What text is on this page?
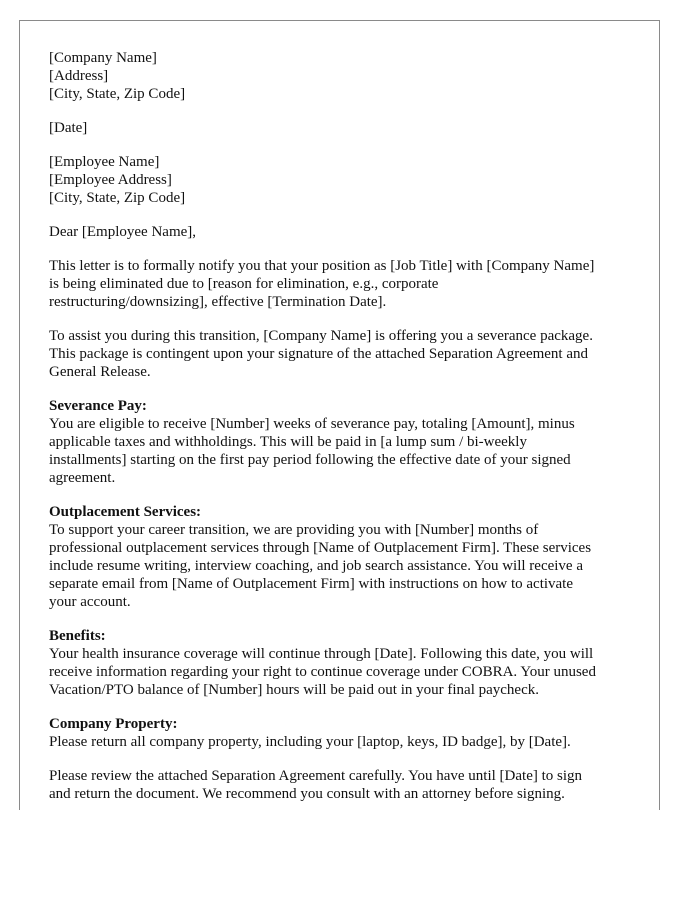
[Company Name]
[Address]
[City, State, Zip Code]
[Date]
[Employee Name]
[Employee Address]
[City, State, Zip Code]
Dear [Employee Name],
This letter is to formally notify you that your position as [Job Title] with [Company Name]
is being eliminated due to [reason for elimination, e.g., corporate
restructuring/downsizing], effective [Termination Date].
To assist you during this transition, [Company Name] is offering you a severance package.
This package is contingent upon your signature of the attached Separation Agreement and
General Release.
Severance Pay:
You are eligible to receive [Number] weeks of severance pay, totaling [Amount], minus
applicable taxes and withholdings. This will be paid in [a lump sum / bi-weekly
installments] starting on the first pay period following the effective date of your signed
agreement.
Outplacement Services:
To support your career transition, we are providing you with [Number] months of
professional outplacement services through [Name of Outplacement Firm]. These services
include resume writing, interview coaching, and job search assistance. You will receive a
separate email from [Name of Outplacement Firm] with instructions on how to activate
your account.
Benefits:
Your health insurance coverage will continue through [Date]. Following this date, you will
receive information regarding your right to continue coverage under COBRA. Your unused
Vacation/PTO balance of [Number] hours will be paid out in your final paycheck.
Company Property:
Please return all company property, including your [laptop, keys, ID badge], by [Date].
Please review the attached Separation Agreement carefully. You have until [Date] to sign
and return the document. We recommend you consult with an attorney before signing.
